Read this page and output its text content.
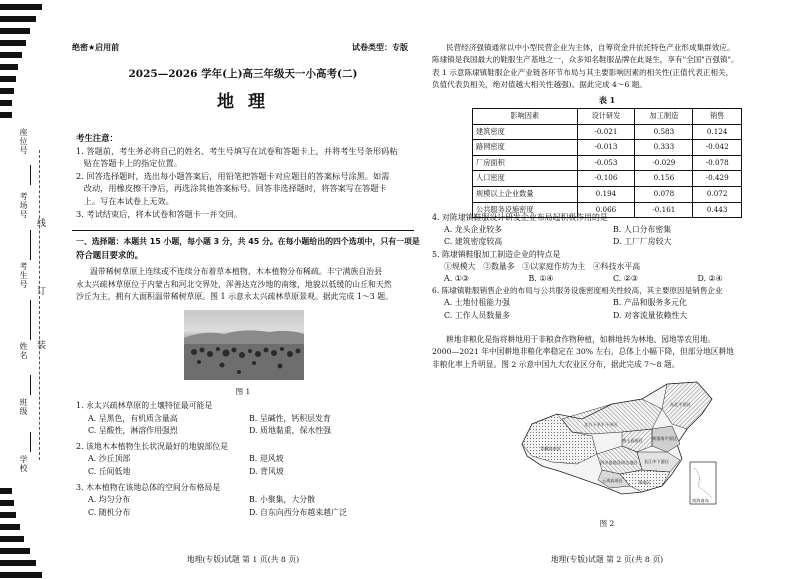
座位号
考场号
考生号
姓名
班级
学校
线
订
装
绝密★启用前	试卷类型：专版
2025—2026 学年(上)高三年级天一小高考(二)
地 理

考生注意：

1. 答题前，考生务必将自己的姓名、考生号填写在试卷和答题卡上，并将考生号条形码粘

贴在答题卡上的指定位置。

2. 回答选择题时，选出每小题答案后，用铅笔把答题卡对应题目的答案标号涂黑。如需

改动，用橡皮擦干净后，再选涂其他答案标号。回答非选择题时，将答案写在答题卡

上。写在本试卷上无效。

3. 考试结束后，将本试卷和答题卡一并交回。

一、选择题：本题共 15 小题，每小题 3 分，共 45 分。在每小题给出的四个选项中，只有一项是

符合题目要求的。

温带稀树草原上连续或不连续分布着草本植物、木本植物分布稀疏。丰宁满族自治县

永太兴疏林草原位于内蒙古和河北交界处，浑善达克沙地的南缘，地貌以低缓的山丘和天然

沙丘为主，拥有大面积温带稀树草原。图 1 示意永太兴疏林草原景观。据此完成 1～3 题。

图 1

1. 永太兴疏林草原的土壤特征最可能是

A. 呈黑色，有机质含量高	B. 呈碱性，钙积层发育
C. 呈酸性，淋溶作用强烈	D. 质地黏重，保水性强

2. 该地木本植物生长状况最好的地貌部位是

A. 沙丘顶部	B. 迎风坡
C. 丘间低地	D. 背风坡

3. 木本植物在该地总体的空间分布格局是

A. 均匀分布	B. 小聚集，大分散
C. 随机分布	D. 自东向西分布越来越广泛
地理(专版)试题 第 1 页(共 8 页)

民营经济强镇通常以中小型民营企业为主体，自筹资金并依托特色产业形成集群效应。

陈埭镇是我国最大的鞋服生产基地之一，众多知名鞋服品牌在此诞生，享有"全国"百强镇"。

表 1 示意陈埭镇鞋服企业产业链各环节布局与其主要影响因素的相关性(正值代表正相关，

负值代表负相关，绝对值越大相关性越强)。据此完成 4～6 题。

表 1
影响因素	设计研发	加工制造	销售
建筑密度	-0.021	0.583	0.124
路网密度	-0.013	0.333	-0.042
厂房面积	-0.053	-0.029	-0.078
人口密度	-0.106	0.156	-0.429
规模以上企业数量	0.194	0.078	0.072
公共服务设施密度	0.066	-0.161	0.443

4. 对陈埭镇鞋服设计研发企业布局起积极作用的是

A. 龙头企业较多	B. 人口分布密集
C. 建筑密度较高	D. 工厂厂房较大

5. 陈埭镇鞋服加工制造企业的特点是

①规模大   ②数量多   ③以家庭作坊为主   ④科技水平高

A. ①③	B. ①④	C. ②③	D. ②④

6. 陈埭镇鞋服销售企业的布局与公共服务设施密度相关性较高，其主要原因是销售企业

A. 土地付租能力强	B. 产品和服务多元化
C. 工作人员数量多	D. 对客流量依赖性大

耕地非粮化是指将耕地用于非粮食作物种植，如耕地转为林地、园地等农用地。

2000—2021 年中国耕地非粮化率稳定在 30% 左右，总体上小幅下降，但部分地区耕地

非粮化率上升明显。图 2 示意中国九大农业区分布，据此完成 7～8 题。

东北平原区
北方干旱半干旱区
黄淮海平原区
青藏高原区
黄土高原区
长江中下游区
四川盆地及周边地区
云贵高原区	华南区
南海诸岛
图 2
地理(专版)试题 第 2 页(共 8 页)
